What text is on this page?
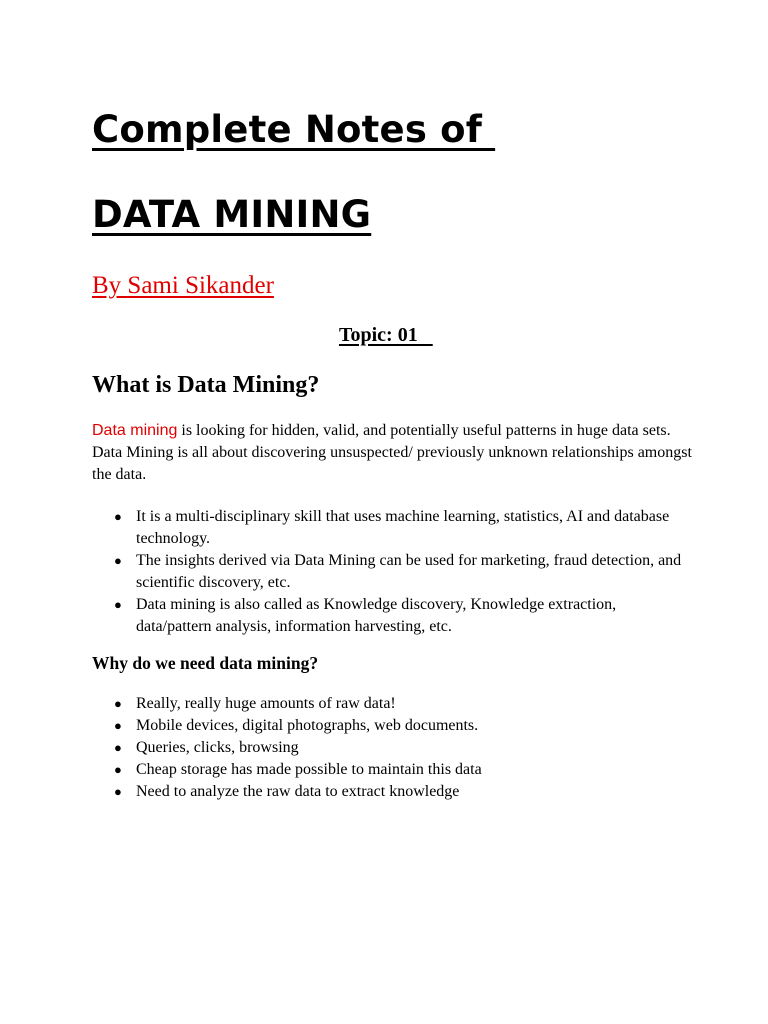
Complete Notes of
DATA MINING
By Sami Sikander
Topic: 01
What is Data Mining?

Data mining is looking for hidden, valid, and potentially useful patterns in huge data sets. Data Mining is all about discovering unsuspected/ previously unknown relationships amongst the data.

● It is a multi-disciplinary skill that uses machine learning, statistics, AI and database technology.
● The insights derived via Data Mining can be used for marketing, fraud detection, and scientific discovery, etc.
● Data mining is also called as Knowledge discovery, Knowledge extraction, data/pattern analysis, information harvesting, etc.
Why do we need data mining?
● Really, really huge amounts of raw data!
● Mobile devices, digital photographs, web documents.
● Queries, clicks, browsing
● Cheap storage has made possible to maintain this data
● Need to analyze the raw data to extract knowledge
